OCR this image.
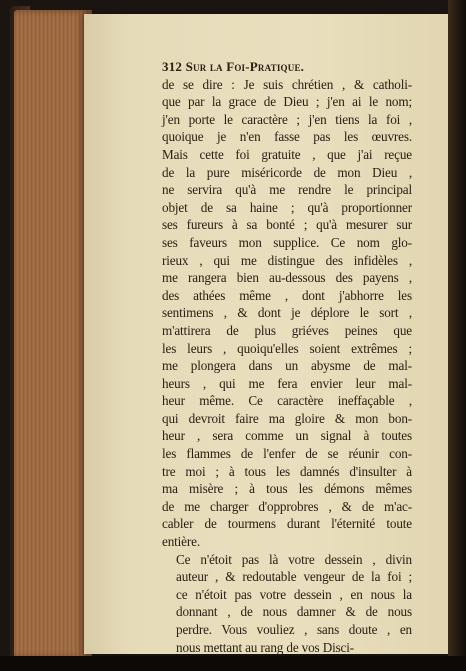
312 Sur la Foi-Pratique.
de se dire : Je suis chrétien , & catholi-
que par la grace de Dieu ; j'en ai le nom;
j'en porte le caractère ; j'en tiens la foi ,
quoique je n'en fasse pas les œuvres.
Mais cette foi gratuite , que j'ai reçue
de la pure miséricorde de mon Dieu ,
ne servira qu'à me rendre le principal
objet de sa haine ; qu'à proportionner
ses fureurs à sa bonté ; qu'à mesurer sur
ses faveurs mon supplice. Ce nom glo-
rieux , qui me distingue des infidèles ,
me rangera bien au-dessous des payens ,
des athées même , dont j'abhorre les
sentimens , & dont je déplore le sort ,
m'attirera de plus griéves peines que
les leurs , quoiqu'elles soient extrêmes ;
me plongera dans un abysme de mal-
heurs , qui me fera envier leur mal-
heur même. Ce caractère ineffaçable ,
qui devroit faire ma gloire & mon bon-
heur , sera comme un signal à toutes
les flammes de l'enfer de se réunir con-
tre moi ; à tous les damnés d'insulter à
ma misère ; à tous les démons mêmes
de me charger d'opprobres , & de m'ac-
cabler de tourmens durant l'éternité toute
entière.
Ce n'étoit pas là votre dessein , divin
auteur , & redoutable vengeur de la foi ;
ce n'étoit pas votre dessein , en nous la
donnant , de nous damner & de nous
perdre. Vous vouliez , sans doute , en
nous mettant au rang de vos Disci-
